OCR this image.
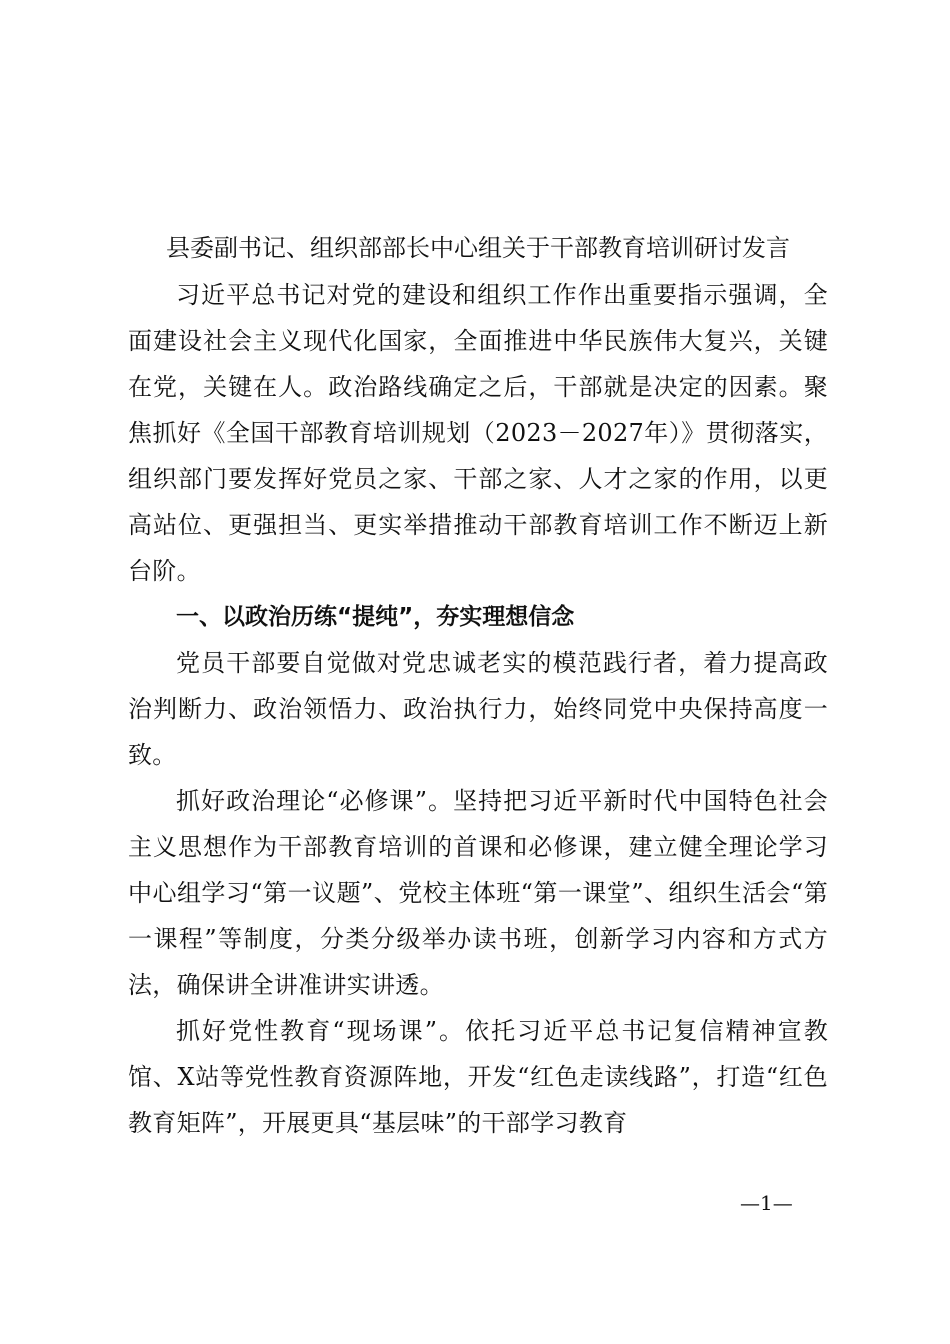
县委副书记、组织部部长中心组关于干部教育培训研讨发言

习近平总书记对党的建设和组织工作作出重要指示强调，全面建设社会主义现代化国家，全面推进中华民族伟大复兴，关键在党，关键在人。政治路线确定之后，干部就是决定的因素。聚焦抓好《全国干部教育培训规划（2023－2027年）》贯彻落实，组织部门要发挥好党员之家、干部之家、人才之家的作用，以更高站位、更强担当、更实举措推动干部教育培训工作不断迈上新台阶。

一、以政治历练“提纯”，夯实理想信念

党员干部要自觉做对党忠诚老实的模范践行者，着力提高政治判断力、政治领悟力、政治执行力，始终同党中央保持高度一致。

抓好政治理论“必修课”。坚持把习近平新时代中国特色社会主义思想作为干部教育培训的首课和必修课，建立健全理论学习中心组学习“第一议题”、党校主体班“第一课堂”、组织生活会“第一课程”等制度，分类分级举办读书班，创新学习内容和方式方法，确保讲全讲准讲实讲透。

抓好党性教育“现场课”。依托习近平总书记复信精神宣教馆、X站等党性教育资源阵地，开发“红色走读线路”，打造“红色教育矩阵”，开展更具“基层味”的干部学习教育

—1—
